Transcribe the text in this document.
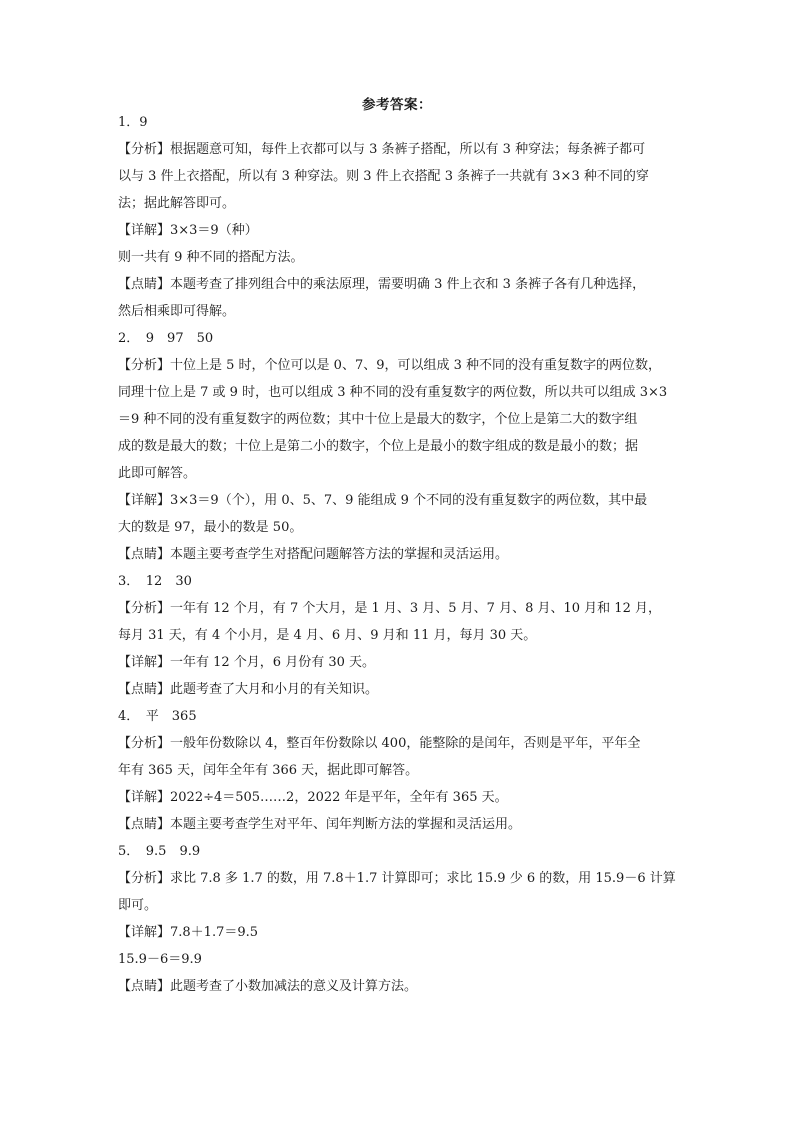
参考答案：
1．9
【分析】根据题意可知，每件上衣都可以与 3 条裤子搭配，所以有 3 种穿法；每条裤子都可
以与 3 件上衣搭配，所以有 3 种穿法。则 3 件上衣搭配 3 条裤子一共就有 3×3 种不同的穿
法；据此解答即可。
【详解】3×3＝9（种）
则一共有 9 种不同的搭配方法。
【点睛】本题考查了排列组合中的乘法原理，需要明确 3 件上衣和 3 条裤子各有几种选择，
然后相乘即可得解。
2．　9　97　50
【分析】十位上是 5 时，个位可以是 0、7、9，可以组成 3 种不同的没有重复数字的两位数，
同理十位上是 7 或 9 时，也可以组成 3 种不同的没有重复数字的两位数，所以共可以组成 3×3
＝9 种不同的没有重复数字的两位数；其中十位上是最大的数字，个位上是第二大的数字组
成的数是最大的数；十位上是第二小的数字，个位上是最小的数字组成的数是最小的数；据
此即可解答。
【详解】3×3＝9（个），用 0、5、7、9 能组成 9 个不同的没有重复数字的两位数，其中最
大的数是 97，最小的数是 50。
【点睛】本题主要考查学生对搭配问题解答方法的掌握和灵活运用。
3．　12　30
【分析】一年有 12 个月，有 7 个大月，是 1 月、3 月、5 月、7 月、8 月、10 月和 12 月，
每月 31 天，有 4 个小月，是 4 月、6 月、9 月和 11 月，每月 30 天。
【详解】一年有 12 个月，6 月份有 30 天。
【点睛】此题考查了大月和小月的有关知识。
4．　平　365
【分析】一般年份数除以 4，整百年份数除以 400，能整除的是闰年，否则是平年，平年全
年有 365 天，闰年全年有 366 天，据此即可解答。
【详解】2022÷4＝505……2，2022 年是平年，全年有 365 天。
【点睛】本题主要考查学生对平年、闰年判断方法的掌握和灵活运用。
5．　9.5　9.9
【分析】求比 7.8 多 1.7 的数，用 7.8＋1.7 计算即可；求比 15.9 少 6 的数，用 15.9－6 计算
即可。
【详解】7.8＋1.7＝9.5
15.9－6＝9.9
【点睛】此题考查了小数加减法的意义及计算方法。
